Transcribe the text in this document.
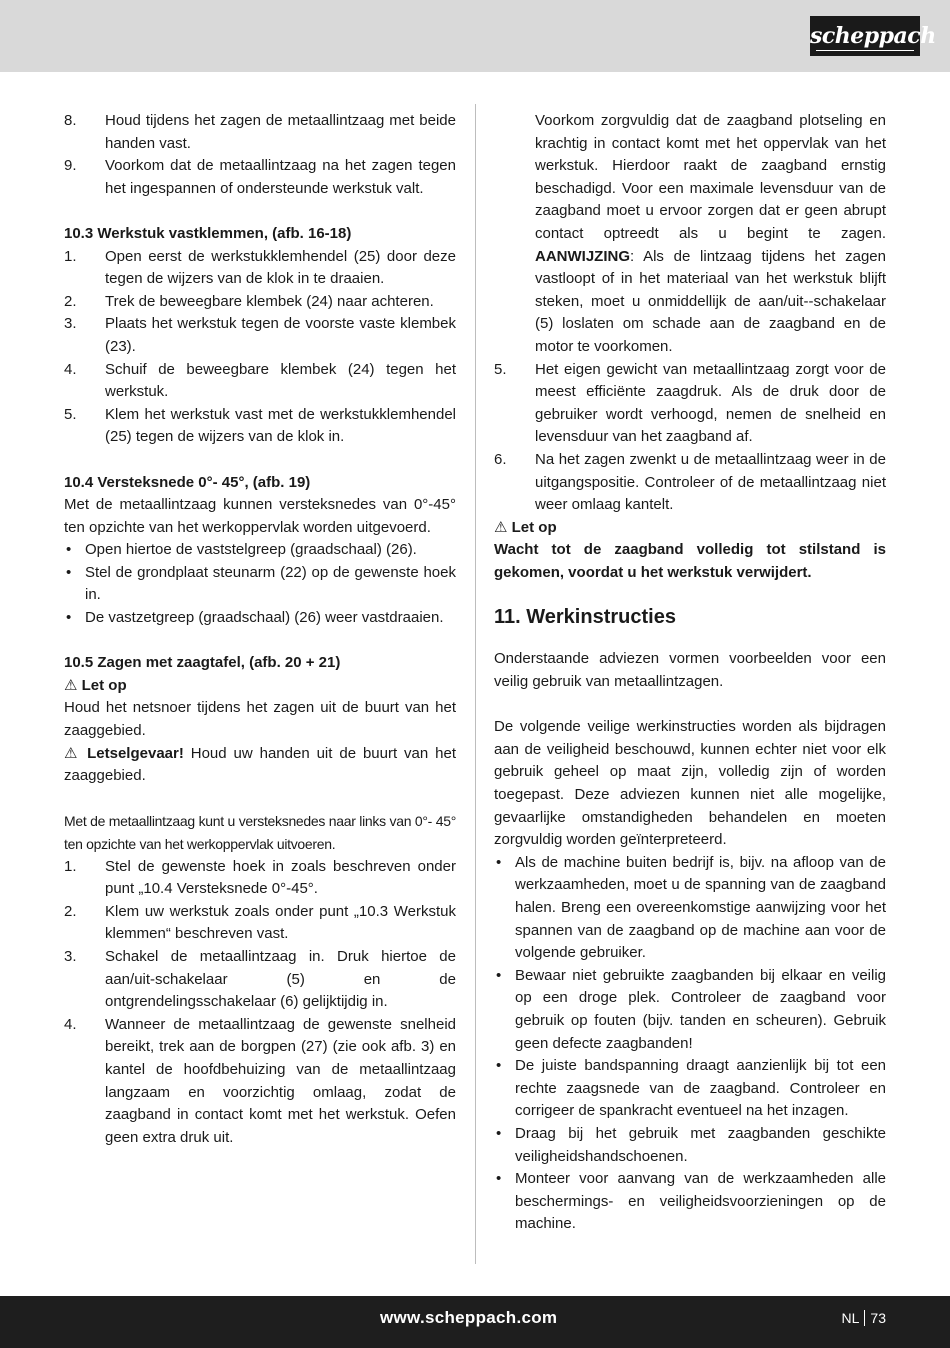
scheppach
8.	Houd tijdens het zagen de metaallintzaag met beide handen vast.
9.	Voorkom dat de metaallintzaag na het zagen tegen het ingespannen of ondersteunde werkstuk valt.

10.3 Werkstuk vastklemmen, (afb. 16-18)

1.	Open eerst de werkstukklemhendel (25) door deze tegen de wijzers van de klok in te draaien.
2.	Trek de beweegbare klembek (24) naar achteren.
3.	Plaats het werkstuk tegen de voorste vaste klembek (23).
4.	Schuif de beweegbare klembek (24) tegen het werkstuk.
5.	Klem het werkstuk vast met de werkstukklemhendel (25) tegen de wijzers van de klok in.

10.4 Versteksnede 0°- 45°, (afb. 19)

Met de metaallintzaag kunnen versteksnedes van 0°-45° ten opzichte van het werkoppervlak worden uitgevoerd.

• Open hiertoe de vaststelgreep (graadschaal) (26).
• Stel de grondplaat steunarm (22) op de gewenste hoek in.
• De vastzetgreep (graadschaal) (26) weer vastdraaien.

10.5 Zagen met zaagtafel, (afb. 20 + 21)

⚠ Let op

Houd het netsnoer tijdens het zagen uit de buurt van het zaaggebied.

⚠ Letselgevaar! Houd uw handen uit de buurt van het zaaggebied.

Met de metaallintzaag kunt u versteksnedes naar links van 0°- 45° ten opzichte van het werkoppervlak uitvoeren.

1.	Stel de gewenste hoek in zoals beschreven onder punt „10.4 Versteksnede 0°-45°.
2.	Klem uw werkstuk zoals onder punt „10.3 Werkstuk klemmen“ beschreven vast.
3.	Schakel de metaallintzaag in. Druk hiertoe de aan/uit-schakelaar (5) en de ontgrendelingsschakelaar (6) gelijktijdig in.
4.	Wanneer de metaallintzaag de gewenste snelheid bereikt, trek aan de borgpen (27) (zie ook afb. 3) en kantel de hoofdbehuizing van de metaallintzaag langzaam en voorzichtig omlaag, zodat de zaagband in contact komt met het werkstuk. Oefen geen extra druk uit.

Voorkom zorgvuldig dat de zaagband plotseling en krachtig in contact komt met het oppervlak van het werkstuk. Hierdoor raakt de zaagband ernstig beschadigd. Voor een maximale levensduur van de zaagband moet u ervoor zorgen dat er geen abrupt contact optreedt als u begint te zagen. AANWIJZING: Als de lintzaag tijdens het zagen vastloopt of in het materiaal van het werkstuk blijft steken, moet u onmiddellijk de aan/uit--schakelaar (5) loslaten om schade aan de zaagband en de motor te voorkomen.

5.	Het eigen gewicht van metaallintzaag zorgt voor de meest efficiënte zaagdruk. Als de druk door de gebruiker wordt verhoogd, nemen de snelheid en levensduur van het zaagband af.
6.	Na het zagen zwenkt u de metaallintzaag weer in de uitgangspositie. Controleer of de metaallintzaag niet weer omlaag kantelt.

⚠ Let op

Wacht tot de zaagband volledig tot stilstand is gekomen, voordat u het werkstuk verwijdert.

11. Werkinstructies

Onderstaande adviezen vormen voorbeelden voor een veilig gebruik van metaallintzagen.

De volgende veilige werkinstructies worden als bijdragen aan de veiligheid beschouwd, kunnen echter niet voor elk gebruik geheel op maat zijn, volledig zijn of worden toegepast. Deze adviezen kunnen niet alle mogelijke, gevaarlijke omstandigheden behandelen en moeten zorgvuldig worden geïnterpreteerd.

• Als de machine buiten bedrijf is, bijv. na afloop van de werkzaamheden, moet u de spanning van de zaagband halen. Breng een overeenkomstige aanwijzing voor het spannen van de zaagband op de machine aan voor de volgende gebruiker.
• Bewaar niet gebruikte zaagbanden bij elkaar en veilig op een droge plek. Controleer de zaagband voor gebruik op fouten (bijv. tanden en scheuren). Gebruik geen defecte zaagbanden!
• De juiste bandspanning draagt aanzienlijk bij tot een rechte zaagsnede van de zaagband. Controleer en corrigeer de spankracht eventueel na het inzagen.
• Draag bij het gebruik met zaagbanden geschikte veiligheidshandschoenen.
• Monteer voor aanvang van de werkzaamheden alle beschermings- en veiligheidsvoorzieningen op de machine.
www.scheppach.com	NL 73
